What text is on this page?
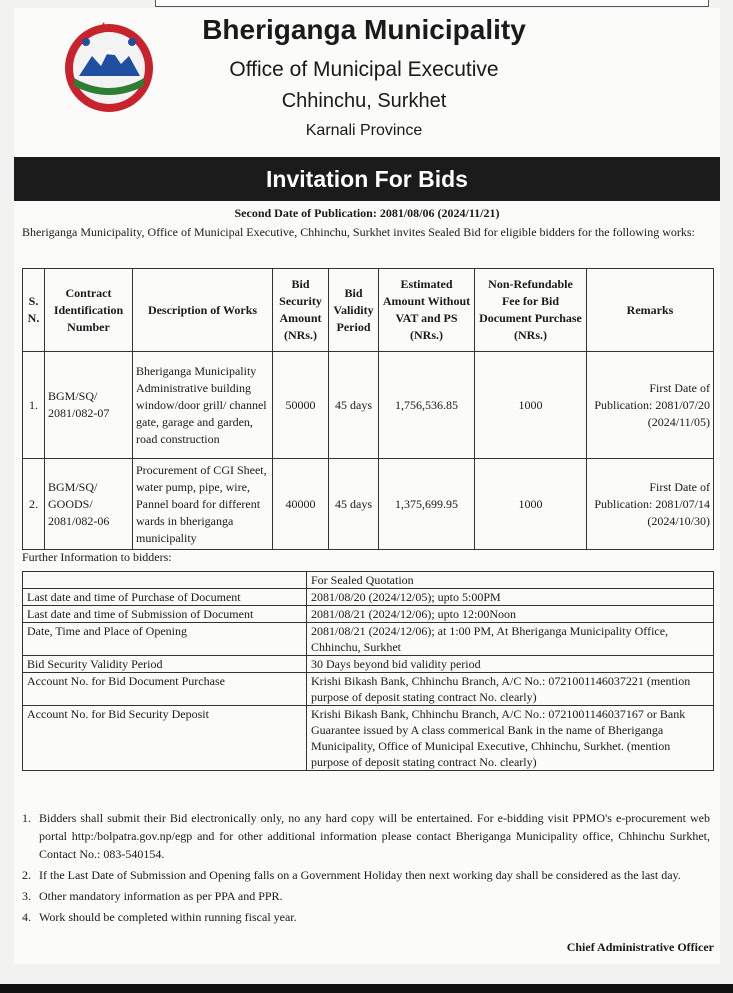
Bheriganga Municipality
Office of Municipal Executive
Chhinchu, Surkhet
Karnali Province
Invitation For Bids
Second Date of Publication: 2081/08/06 (2024/11/21)
Bheriganga Municipality, Office of Municipal Executive, Chhinchu, Surkhet invites Sealed Bid for eligible bidders for the following works:
S. N.	Contract Identification Number	Description of Works	Bid Security Amount (NRs.)	Bid Validity Period	Estimated Amount Without VAT and PS (NRs.)	Non-Refundable Fee for Bid Document Purchase (NRs.)	Remarks
1.	BGM/SQ/ 2081/082-07	Bheriganga Municipality Administrative building window/door grill/ channel gate, garage and garden, road construction	50000	45 days	1,756,536.85	1000	First Date of Publication: 2081/07/20 (2024/11/05)
2.	BGM/SQ/ GOODS/ 2081/082-06	Procurement of CGI Sheet, water pump, pipe, wire, Pannel board for different wards in bheriganga municipality	40000	45 days	1,375,699.95	1000	First Date of Publication: 2081/07/14 (2024/10/30)
Further Information to bidders:
	For Sealed Quotation
Last date and time of Purchase of Document	2081/08/20 (2024/12/05); upto 5:00PM
Last date and time of Submission of Document	2081/08/21 (2024/12/06); upto 12:00Noon
Date, Time and Place of Opening	2081/08/21 (2024/12/06); at 1:00 PM, At Bheriganga Municipality Office, Chhinchu, Surkhet
Bid Security Validity Period	30 Days beyond bid validity period
Account No. for Bid Document Purchase	Krishi Bikash Bank, Chhinchu Branch, A/C No.: 0721001146037221 (mention purpose of deposit stating contract No. clearly)
Account No. for Bid Security Deposit	Krishi Bikash Bank, Chhinchu Branch, A/C No.: 0721001146037167 or Bank Guarantee issued by A class commerical Bank in the name of Bheriganga Municipality, Office of Municipal Executive, Chhinchu, Surkhet. (mention purpose of deposit stating contract No. clearly)
1. Bidders shall submit their Bid electronically only, no any hard copy will be entertained. For e-bidding visit PPMO's e-procurement web portal http:/bolpatra.gov.np/egp and for other additional information please contact Bheriganga Municipality office, Chhinchu Surkhet, Contact No.: 083-540154.
2. If the Last Date of Submission and Opening falls on a Government Holiday then next working day shall be considered as the last day.
3. Other mandatory information as per PPA and PPR.
4. Work should be completed within running fiscal year.
Chief Administrative Officer
